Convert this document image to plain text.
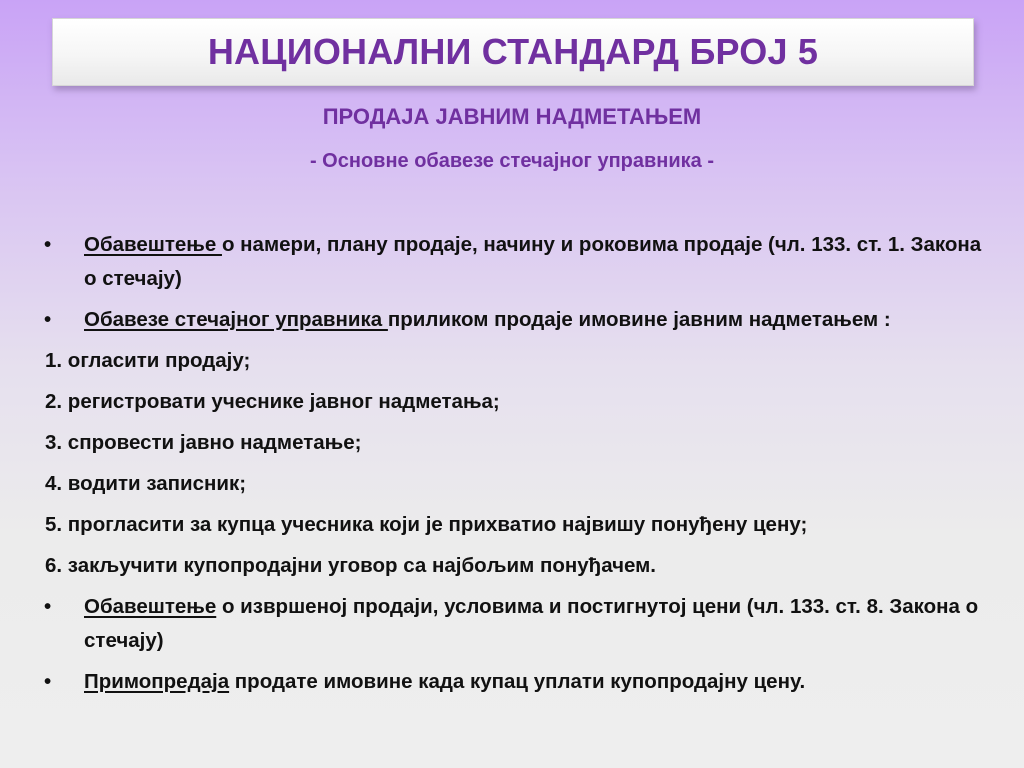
НАЦИОНАЛНИ СТАНДАРД БРОЈ 5
ПРОДАЈА ЈАВНИМ НАДМЕТАЊЕМ
- Основне обавезе стечајног управника -
• Обавештење о намери, плану продаје, начину и роковима продаје (чл. 133. ст. 1. Закона о стечају)
• Обавезе стечајног управника приликом продаје имовине јавним надметањем :
1. огласити продају;
2. регистровати учеснике јавног надметања;
3. спровести јавно надметање;
4. водити записник;
5. прогласити за купца учесника који је прихватио највишу понуђену цену;
6. закључити купопродајни уговор са најбољим понуђачем.
• Обавештење о извршеној продаји, условима и постигнутој цени (чл. 133. ст. 8. Закона о стечају)
• Примопредаја продате имовине када купац уплати купопродајну цену.
